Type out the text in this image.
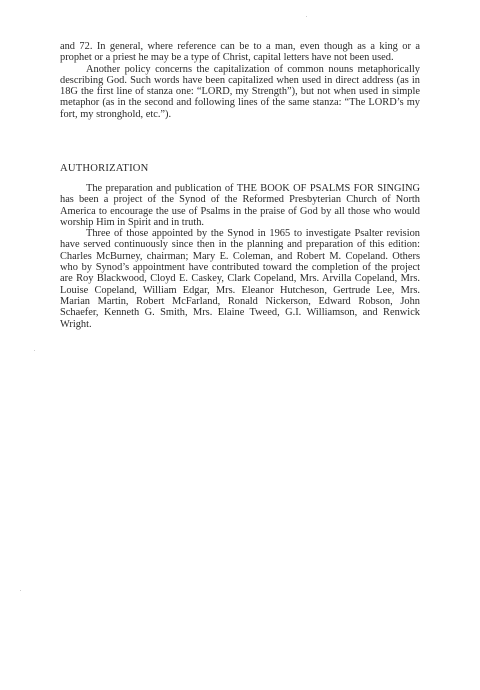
and 72. In general, where reference can be to a man, even though as a king or a prophet or a priest he may be a type of Christ, capital letters have not been used.

Another policy concerns the capitalization of common nouns metaphorically describing God. Such words have been capitalized when used in direct address (as in 18G the first line of stanza one: “LORD, my Strength”), but not when used in simple metaphor (as in the second and following lines of the same stanza: “The LORD’s my fort, my stronghold, etc.”).

AUTHORIZATION

The preparation and publication of THE BOOK OF PSALMS FOR SINGING has been a project of the Synod of the Reformed Presbyterian Church of North America to encourage the use of Psalms in the praise of God by all those who would worship Him in Spirit and in truth.

Three of those appointed by the Synod in 1965 to investigate Psalter revision have served continuously since then in the planning and preparation of this edition: Charles McBurney, chairman; Mary E. Coleman, and Robert M. Copeland. Others who by Synod’s appointment have contributed toward the completion of the project are Roy Blackwood, Cloyd E. Caskey, Clark Copeland, Mrs. Arvilla Copeland, Mrs. Louise Copeland, William Edgar, Mrs. Eleanor Hutcheson, Gertrude Lee, Mrs. Marian Martin, Robert McFarland, Ronald Nickerson, Edward Robson, John Schaefer, Kenneth G. Smith, Mrs. Elaine Tweed, G.I. Williamson, and Renwick Wright.
